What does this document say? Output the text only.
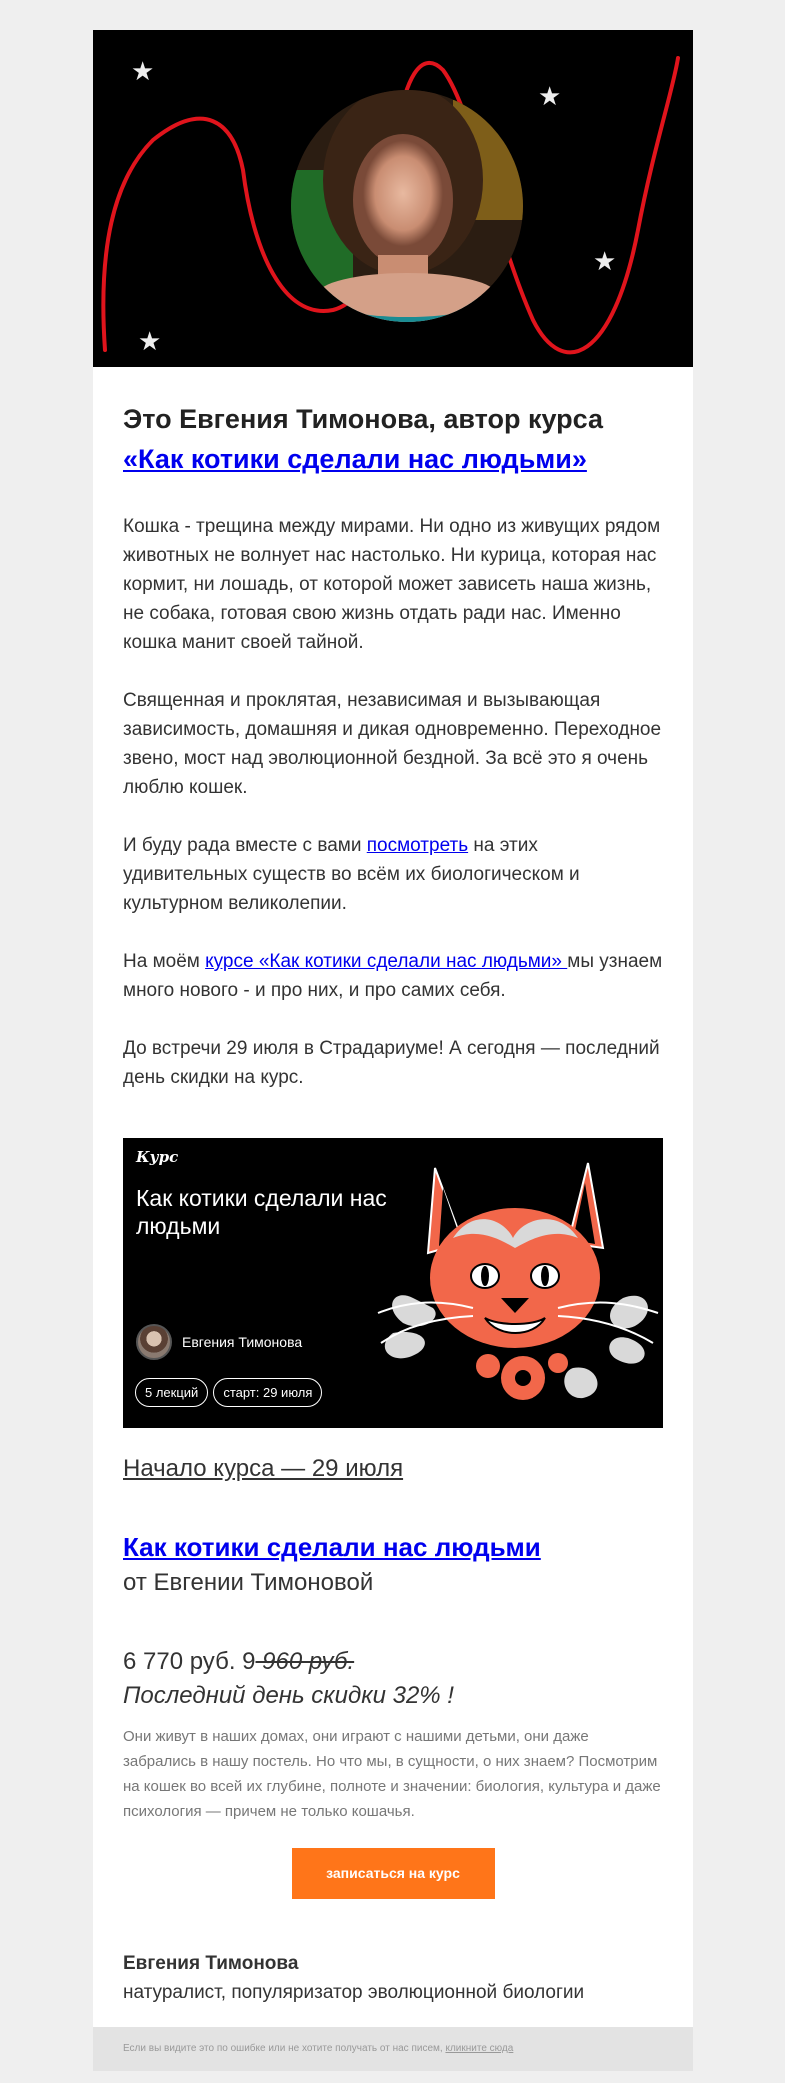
★
★
★
★
Это Евгения Тимонова, автор курса «Как котики сделали нас людьми»

Кошка - трещина между мирами. Ни одно из живущих рядом животных не волнует нас настолько. Ни курица, которая нас кормит, ни лошадь, от которой может зависеть наша жизнь, не собака, готовая свою жизнь отдать ради нас. Именно кошка манит своей тайной.

Священная и проклятая, независимая и вызывающая зависимость, домашняя и дикая одновременно. Переходное звено, мост над эволюционной бездной. За всё это я очень люблю кошек.

И буду рада вместе с вами посмотреть на этих удивительных существ во всём их биологическом и культурном великолепии.

На моём курсе «Как котики сделали нас людьми» мы узнаем много нового - и про них, и про самих себя.

До встречи 29 июля в Страдариуме! А сегодня — последний день скидки на курс.

Курс
Как котики сделали нас людьми
Евгения Тимонова
5 лекций	старт: 29 июля

Начало курса — 29 июля

Как котики сделали нас людьми

от Евгении Тимоновой

6 770 руб. 9 960 руб.

Последний день скидки 32% !

Они живут в наших домах, они играют с нашими детьми, они даже забрались в нашу постель. Но что мы, в сущности, о них знаем? Посмотрим на кошек во всей их глубине, полноте и значении: биология, культура и даже психология — причем не только кошачья.

записаться на курс

Евгения Тимонова

натуралист, популяризатор эволюционной биологии

Если вы видите это по ошибке или не хотите получать от нас писем, кликните сюда
